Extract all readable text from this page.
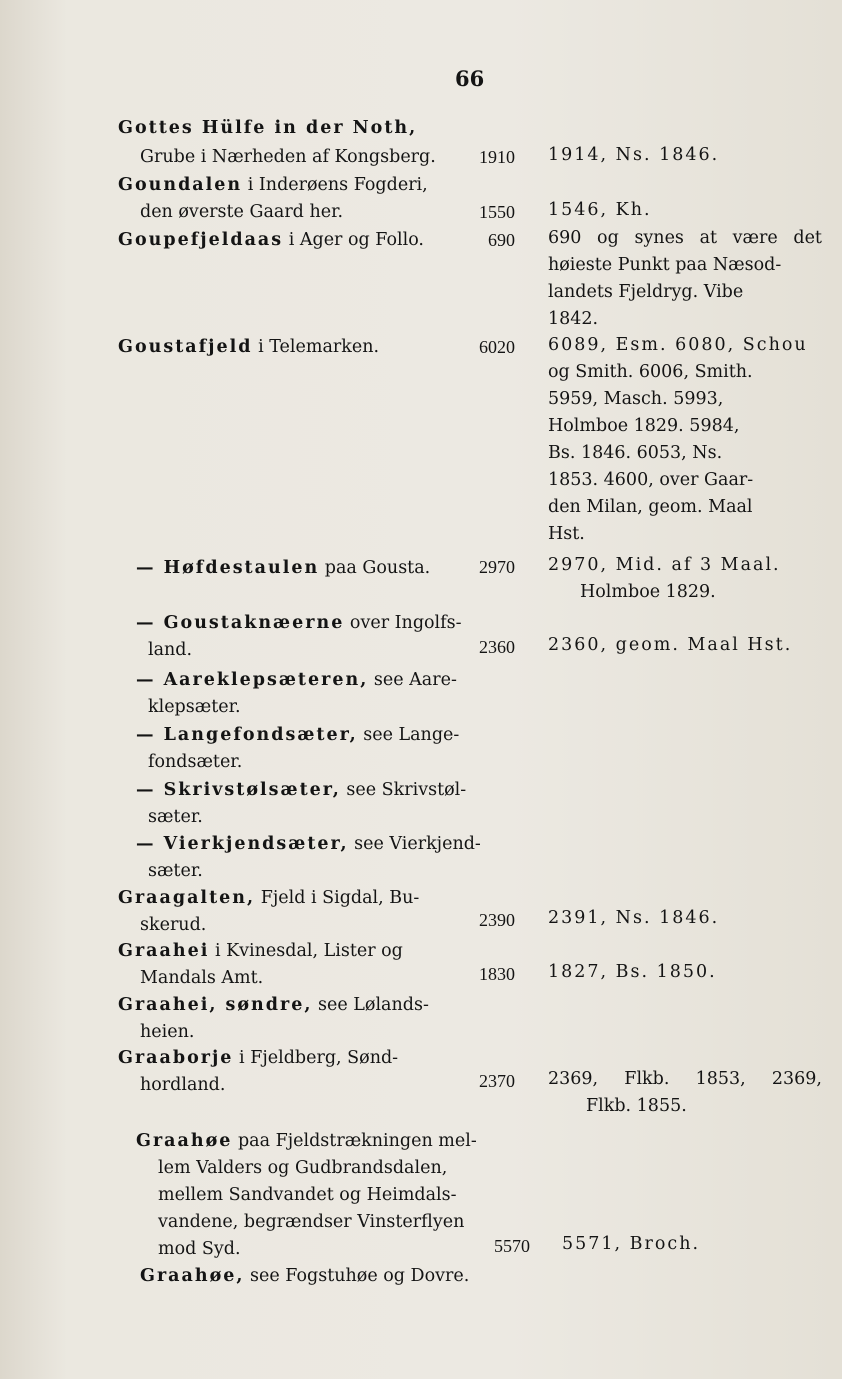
66
Gottes Hülfe in der Noth,
Grube i Nærheden af Kongsberg.	1910 1914, Ns. 1846.
Goundalen i Inderøens Fogderi,
den øverste Gaard her.	1550 1546, Kh.
Goupefjeldaas i Ager og Follo.	690 690 og synes at være det
høieste Punkt paa Næsod-
landets Fjeldryg. Vibe
1842.
Goustafjeld i Telemarken.	6020 6089, Esm. 6080, Schou
og Smith. 6006, Smith.
5959, Masch. 5993,
Holmboe 1829. 5984,
Bs. 1846. 6053, Ns.
1853. 4600, over Gaar-
den Milan, geom. Maal
Hst.
— Høfdestaulen paa Gousta.	2970 2970, Mid. af 3 Maal.
Holmboe 1829.
— Goustaknæerne over Ingolfs-
land.	2360 2360, geom. Maal Hst.
— Aareklepsæteren, see Aare-
klepsæter.
— Langefondsæter, see Lange-
fondsæter.
— Skrivstølsæter, see Skrivstøl-
sæter.
— Vierkjendsæter, see Vierkjend-
sæter.
Graagalten, Fjeld i Sigdal, Bu-
skerud.	2390 2391, Ns. 1846.
Graahei i Kvinesdal, Lister og
Mandals Amt.	1830 1827, Bs. 1850.
Graahei, søndre, see Lølands-
heien.
Graaborje i Fjeldberg, Sønd-
hordland.	2370 2369, Flkb. 1853, 2369,
Flkb. 1855.
Graahøe paa Fjeldstrækningen mel-
lem Valders og Gudbrandsdalen,
mellem Sandvandet og Heimdals-
vandene, begrændser Vinsterflyen
mod Syd.	5570 5571, Broch.
Graahøe, see Fogstuhøe og Dovre.
